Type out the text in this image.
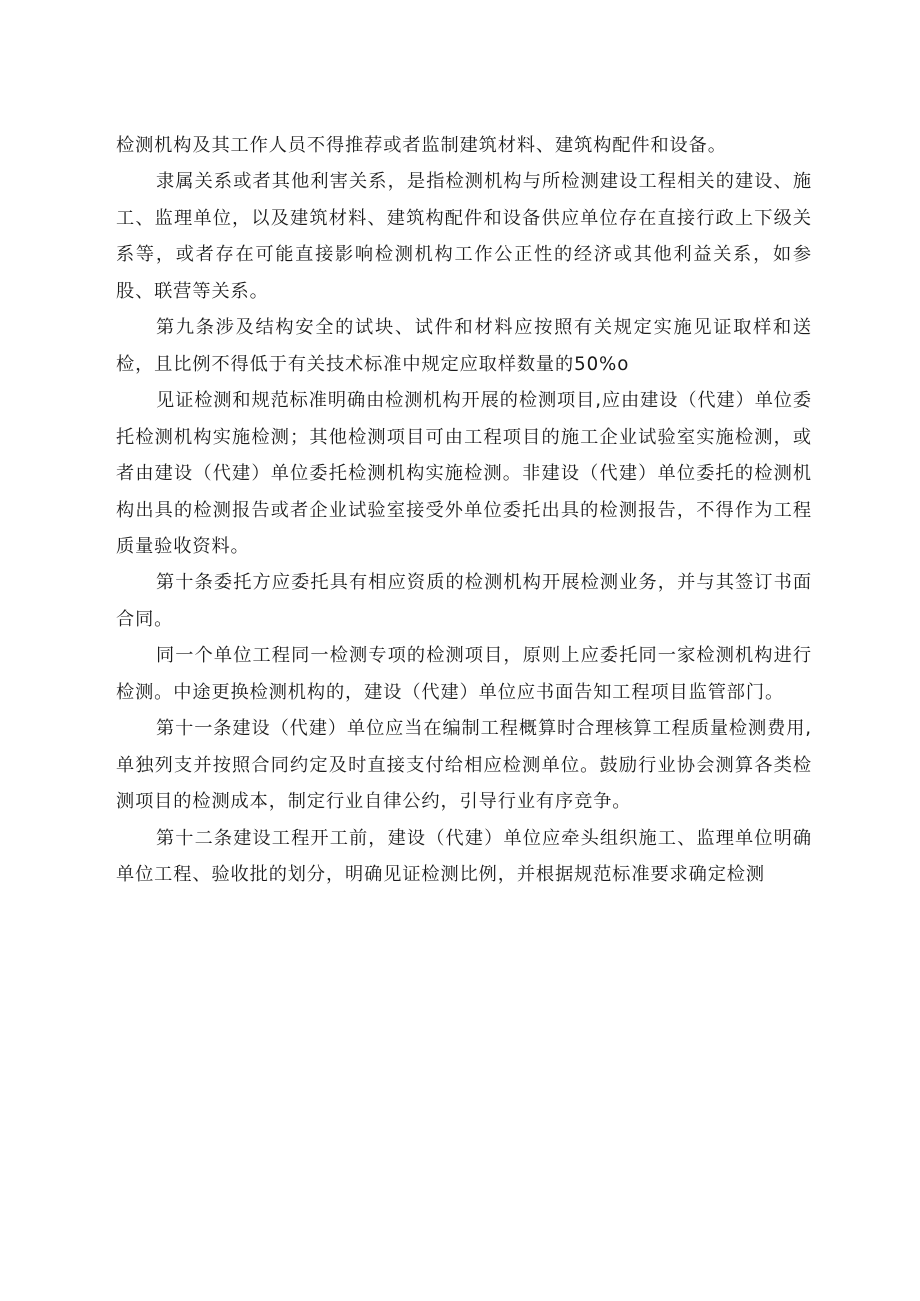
检测机构及其工作人员不得推荐或者监制建筑材料、建筑构配件和设备。

隶属关系或者其他利害关系，是指检测机构与所检测建设工程相关的建设、施工、监理单位，以及建筑材料、建筑构配件和设备供应单位存在直接行政上下级关系等，或者存在可能直接影响检测机构工作公正性的经济或其他利益关系，如参股、联营等关系。

第九条涉及结构安全的试块、试件和材料应按照有关规定实施见证取样和送检，且比例不得低于有关技术标准中规定应取样数量的50%o

见证检测和规范标准明确由检测机构开展的检测项目,应由建设（代建）单位委托检测机构实施检测；其他检测项目可由工程项目的施工企业试验室实施检测，或者由建设（代建）单位委托检测机构实施检测。非建设（代建）单位委托的检测机构出具的检测报告或者企业试验室接受外单位委托出具的检测报告，不得作为工程质量验收资料。

第十条委托方应委托具有相应资质的检测机构开展检测业务，并与其签订书面合同。

同一个单位工程同一检测专项的检测项目，原则上应委托同一家检测机构进行检测。中途更换检测机构的，建设（代建）单位应书面告知工程项目监管部门。

第十一条建设（代建）单位应当在编制工程概算时合理核算工程质量检测费用,单独列支并按照合同约定及时直接支付给相应检测单位。鼓励行业协会测算各类检测项目的检测成本，制定行业自律公约，引导行业有序竞争。

第十二条建设工程开工前，建设（代建）单位应牵头组织施工、监理单位明确单位工程、验收批的划分，明确见证检测比例，并根据规范标准要求确定检测
